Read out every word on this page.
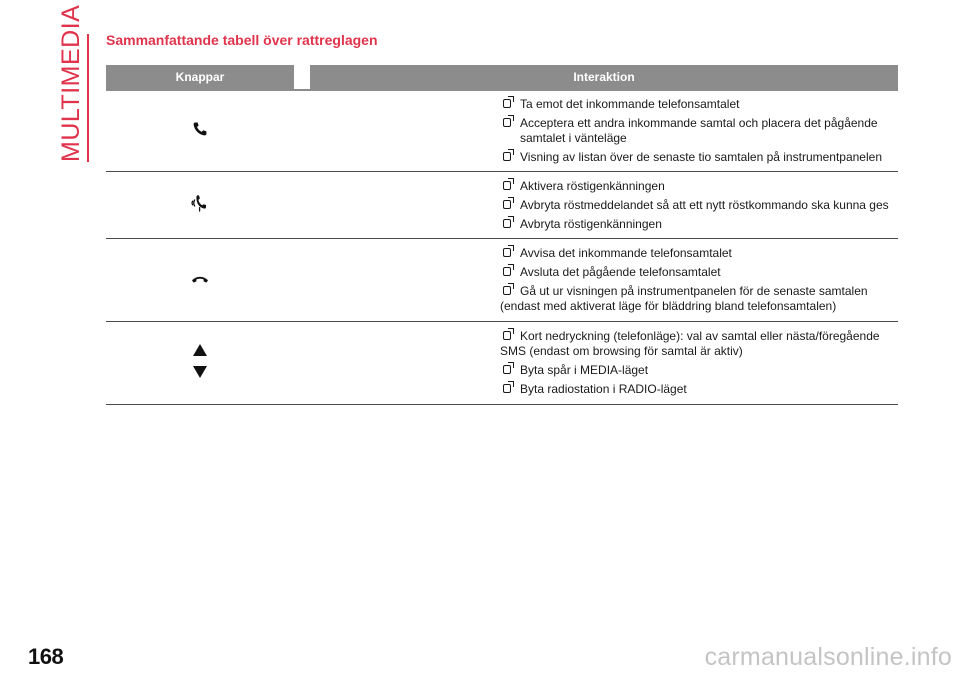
MULTIMEDIA Sammanfattande tabell över rattreglagen
Knappar		Interaktion

Ta emot det inkommande telefonsamtalet
Acceptera ett andra inkommande samtal och placera det pågående samtalet i vänteläge
Visning av listan över de senaste tio samtalen på instrumentpanelen	

Aktivera röstigenkänningen
Avbryta röstmeddelandet så att ett nytt röstkommando ska kunna ges
Avbryta röstigenkänningen	

Avvisa det inkommande telefonsamtalet
Avsluta det pågående telefonsamtalet
Gå ut ur visningen på instrumentpanelen för de senaste samtalen (endast med aktiverat läge för bläddring bland telefonsamtalen)	

Kort nedryckning (telefonläge): val av samtal eller nästa/föregående SMS (endast om browsing för samtal är aktiv)
Byta spår i MEDIA-läget
Byta radiostation i RADIO-läget	
168	carmanualsonline.info
